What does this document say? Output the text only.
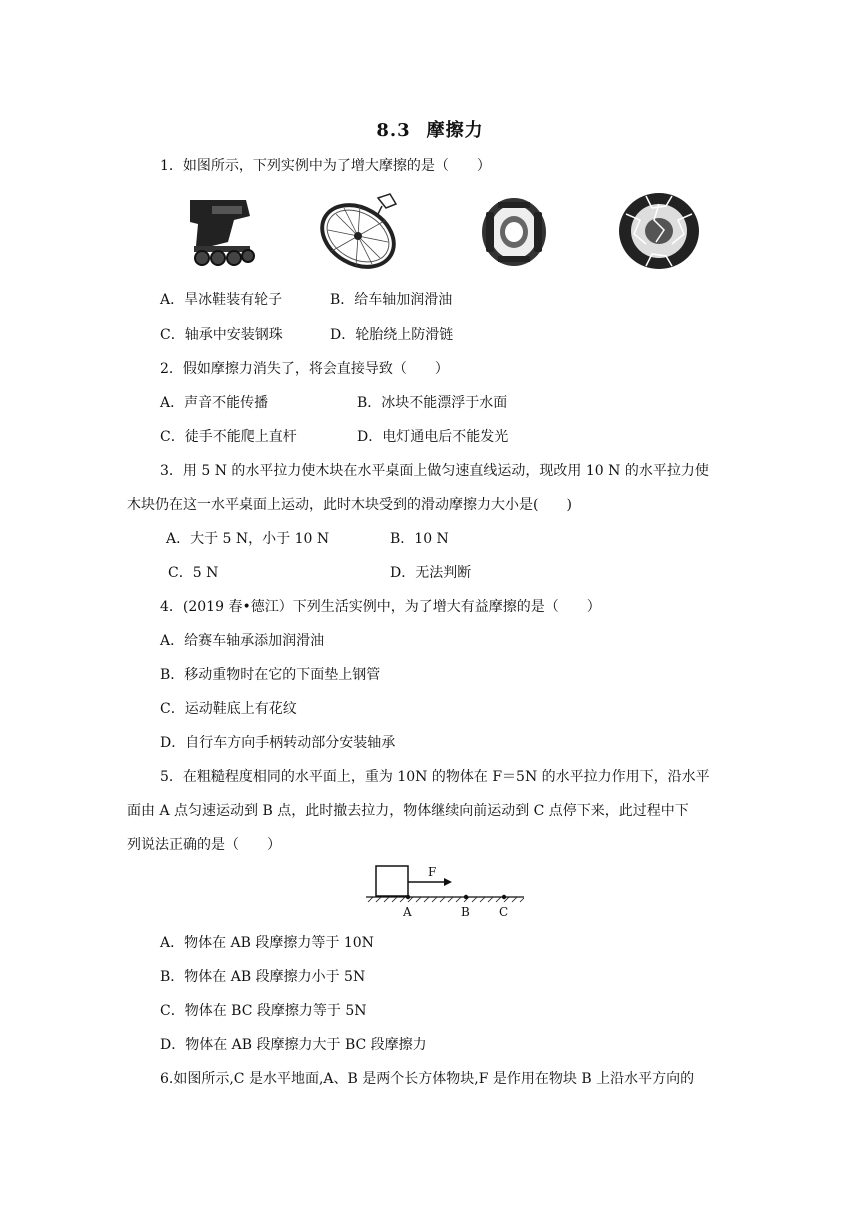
8.3 摩擦力
1．如图所示，下列实例中为了增大摩擦的是（　　）
A．旱冰鞋装有轮子	B．给车轴加润滑油
C．轴承中安装钢珠	D．轮胎绕上防滑链
2．假如摩擦力消失了，将会直接导致（　　）
A．声音不能传播	B．冰块不能漂浮于水面
C．徒手不能爬上直杆	D．电灯通电后不能发光
3．用 5 N 的水平拉力使木块在水平桌面上做匀速直线运动，现改用 10 N 的水平拉力使
木块仍在这一水平桌面上运动，此时木块受到的滑动摩擦力大小是(　　)
A．大于 5 N，小于 10 N	B．10 N
C．5 N	D．无法判断
4．(2019 春•德江）下列生活实例中，为了增大有益摩擦的是（　　）
A．给赛车轴承添加润滑油
B．移动重物时在它的下面垫上钢管
C．运动鞋底上有花纹
D．自行车方向手柄转动部分安装轴承
5．在粗糙程度相同的水平面上，重为 10N 的物体在 F＝5N 的水平拉力作用下，沿水平
面由 A 点匀速运动到 B 点，此时撤去拉力，物体继续向前运动到 C 点停下来，此过程中下
列说法正确的是（　　）
F
A	B C
A．物体在 AB 段摩擦力等于 10N
B．物体在 AB 段摩擦力小于 5N
C．物体在 BC 段摩擦力等于 5N
D．物体在 AB 段摩擦力大于 BC 段摩擦力
6.如图所示,C 是水平地面,A、B 是两个长方体物块,F 是作用在物块 B 上沿水平方向的
